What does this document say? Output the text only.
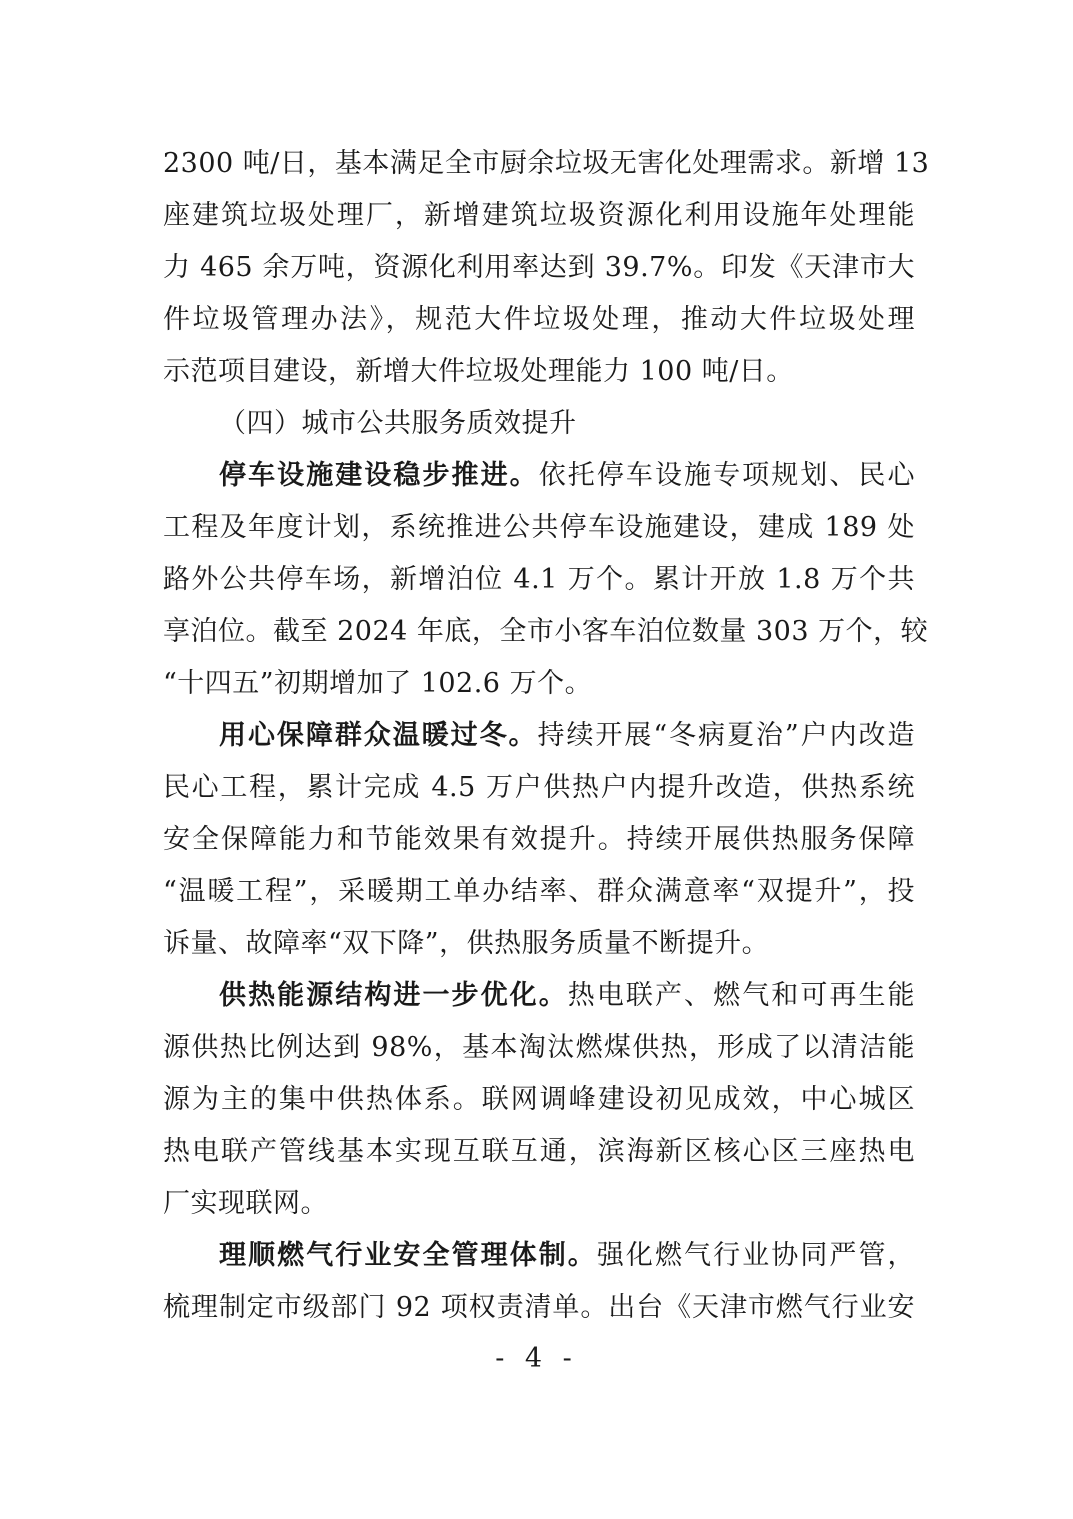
2300 吨/日，基本满足全市厨余垃圾无害化处理需求。新增 13
座建筑垃圾处理厂，新增建筑垃圾资源化利用设施年处理能
力 465 余万吨，资源化利用率达到 39.7%。印发《天津市大
件垃圾管理办法》，规范大件垃圾处理，推动大件垃圾处理
示范项目建设，新增大件垃圾处理能力 100 吨/日。
（四）城市公共服务质效提升
停车设施建设稳步推进。依托停车设施专项规划、民心
工程及年度计划，系统推进公共停车设施建设，建成 189 处
路外公共停车场，新增泊位 4.1 万个。累计开放 1.8 万个共
享泊位。截至 2024 年底，全市小客车泊位数量 303 万个，较
“十四五”初期增加了 102.6 万个。
用心保障群众温暖过冬。持续开展“冬病夏治”户内改造
民心工程，累计完成 4.5 万户供热户内提升改造，供热系统
安全保障能力和节能效果有效提升。持续开展供热服务保障
“温暖工程”，采暖期工单办结率、群众满意率“双提升”，投
诉量、故障率“双下降”，供热服务质量不断提升。
供热能源结构进一步优化。热电联产、燃气和可再生能
源供热比例达到 98%，基本淘汰燃煤供热，形成了以清洁能
源为主的集中供热体系。联网调峰建设初见成效，中心城区
热电联产管线基本实现互联互通，滨海新区核心区三座热电
厂实现联网。
理顺燃气行业安全管理体制。强化燃气行业协同严管，
梳理制定市级部门 92 项权责清单。出台《天津市燃气行业安
- 4 -
